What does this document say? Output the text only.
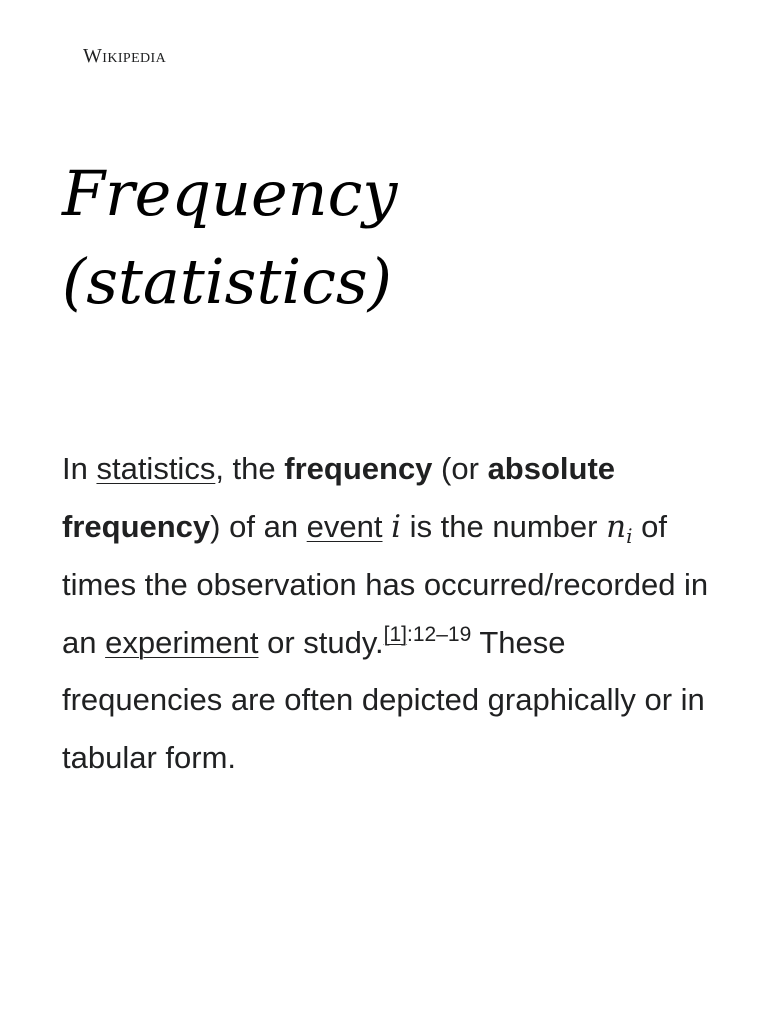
Wikipedia
Frequency (statistics)

In statistics, the frequency (or absolute frequency) of an event i is the number $n_i$ of times the observation has occurred/recorded in an experiment or study.$^{[1]:12-19}$ These frequencies are often depicted graphically or in tabular form.
